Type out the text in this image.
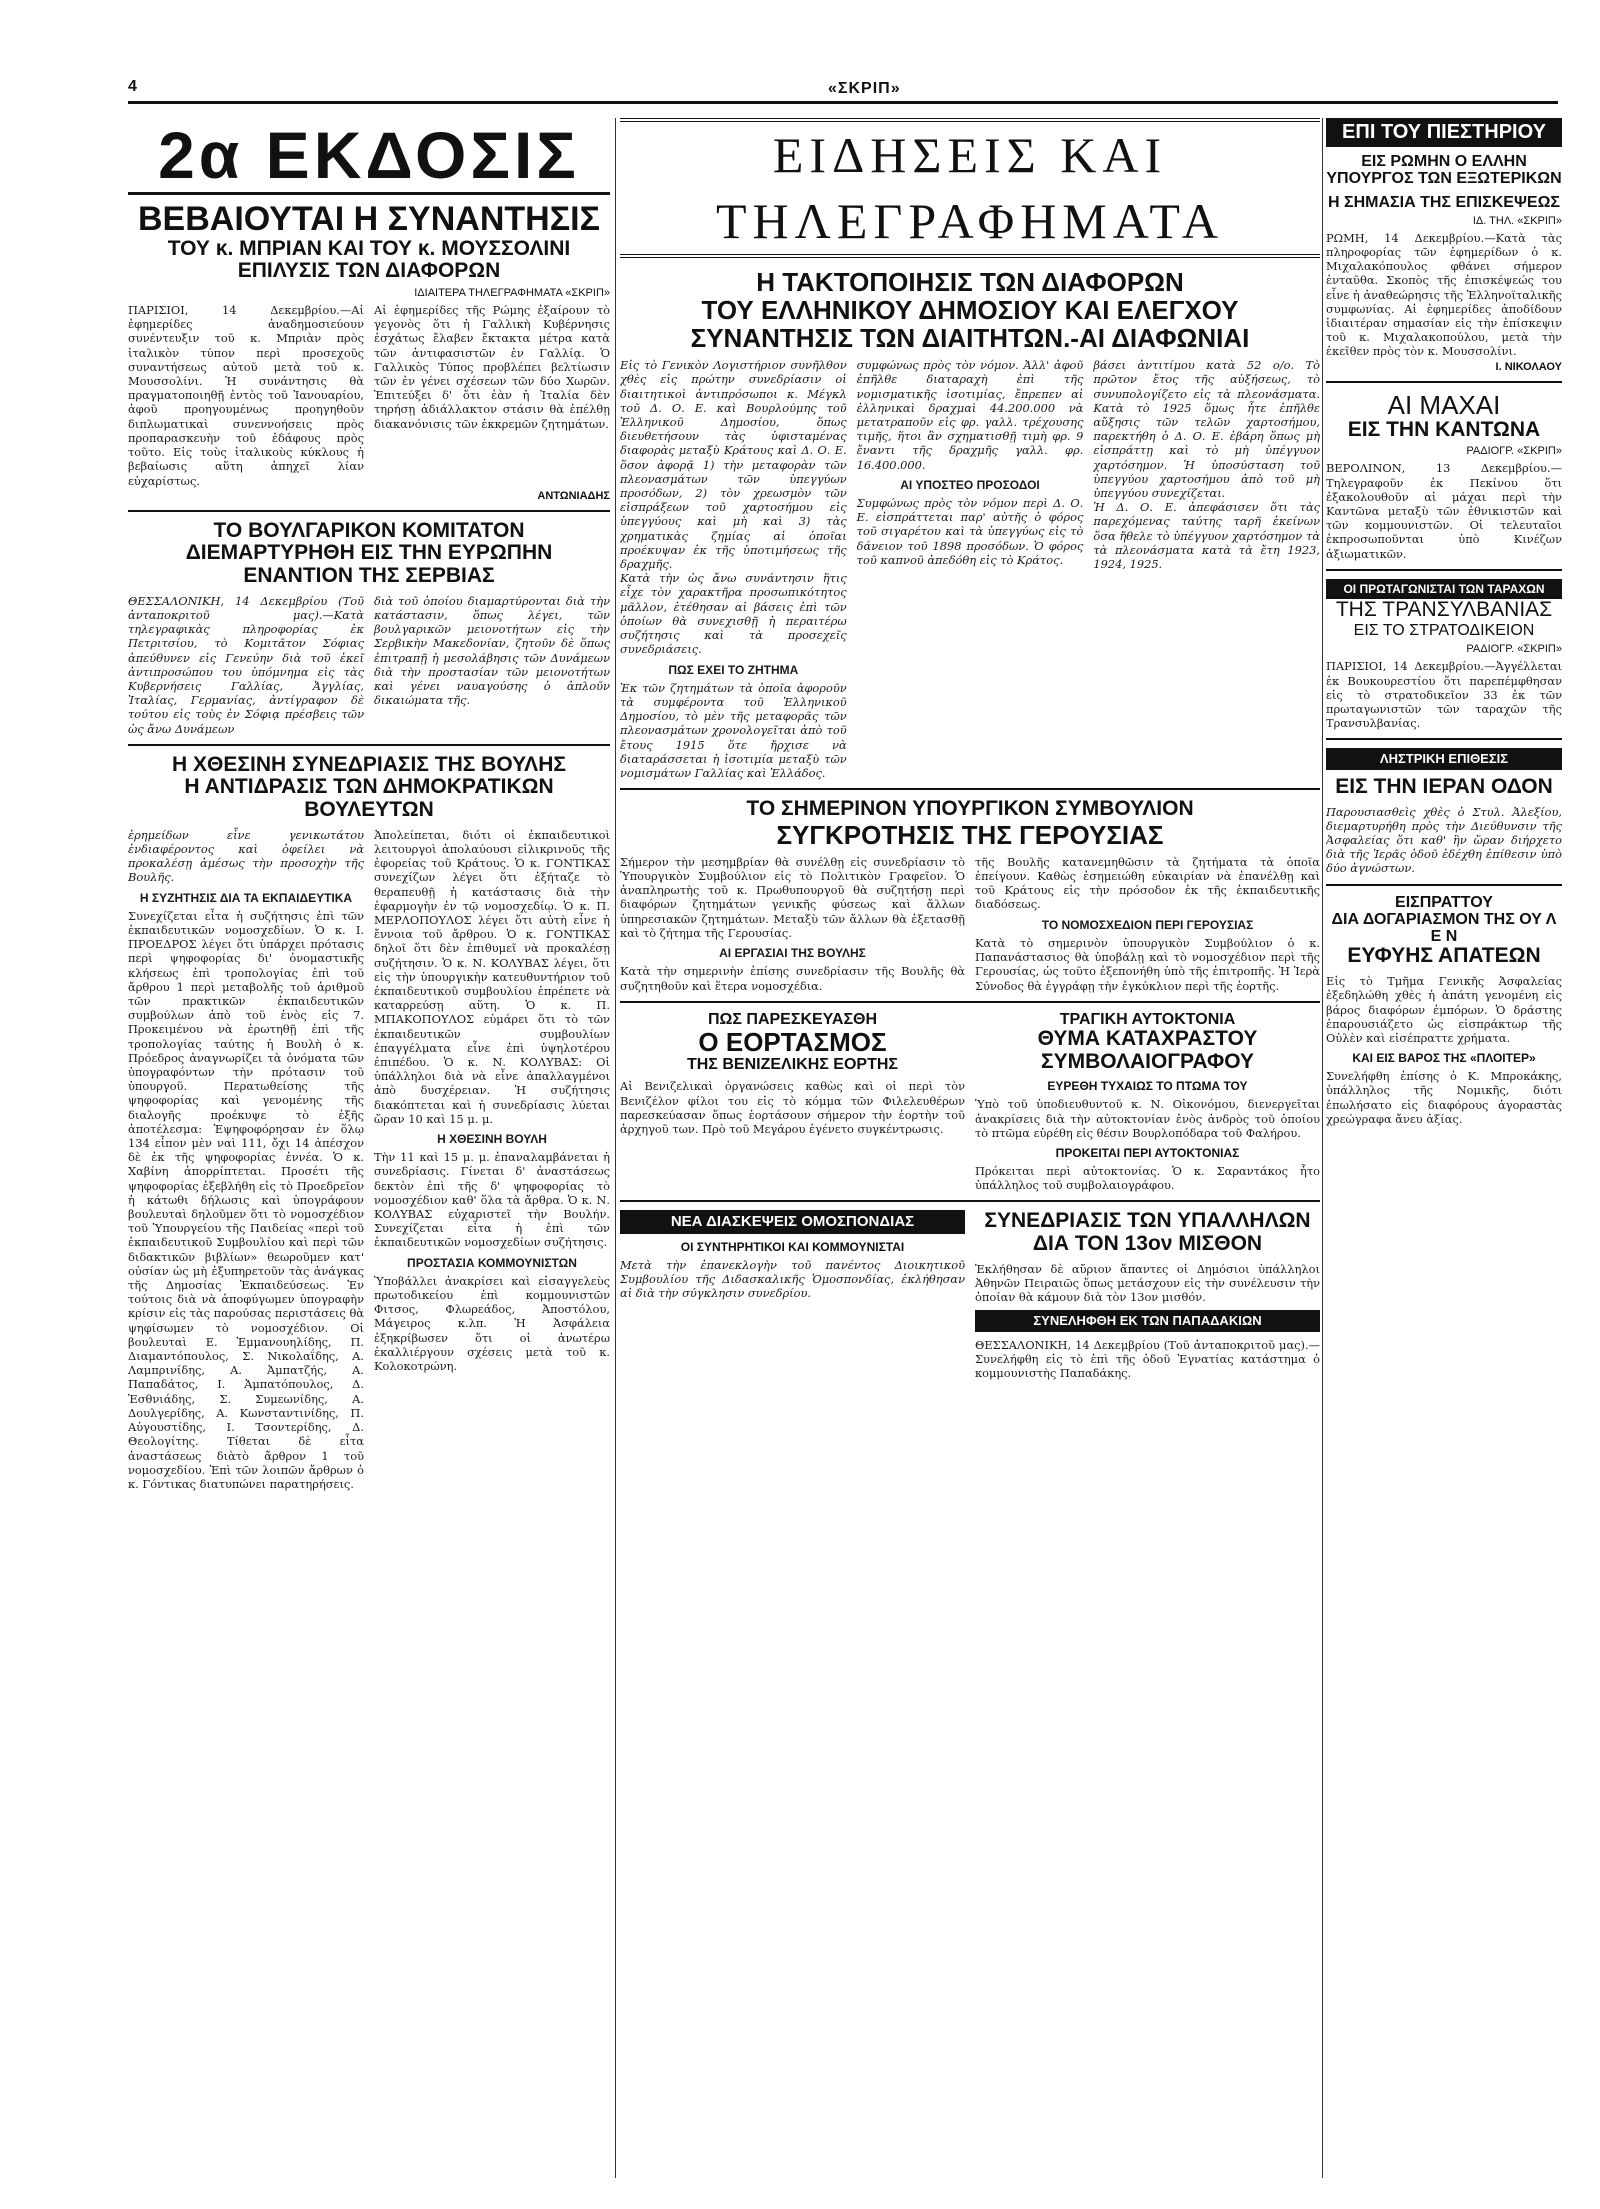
4	«ΣΚΡΙΠ»
2α ΕΚΔΟΣΙΣ
ΒΕΒΑΙΟΥΤΑΙ Η ΣΥΝΑΝΤΗΣΙΣ
ΤΟΥ κ. ΜΠΡΙΑΝ ΚΑΙ ΤΟΥ κ. ΜΟΥΣΣΟΛΙΝΙ
ΕΠΙΛΥΣΙΣ ΤΩΝ ΔΙΑΦΟΡΩΝ
ΙΔΙΑΙΤΕΡΑ ΤΗΛΕΓΡΑΦΗΜΑΤΑ «ΣΚΡΙΠ»
ΠΑΡΙΣΙΟΙ, 14 Δεκεμβρίου.—Αἱ ἐφημερίδες ἀναδημοσιεύουν συνέντευξιν τοῦ κ. Μπριὰν πρὸς ἰταλικὸν τύπον περὶ προσεχοῦς συναντήσεως αὐτοῦ μετὰ τοῦ κ. Μουσσολίνι. Ἡ συνάντησις θὰ πραγματοποιηθῇ ἐντὸς τοῦ Ἰανουαρίου, ἀφοῦ προηγουμένως προηγηθοῦν διπλωματικαὶ συνεννοήσεις πρὸς προπαρασκευὴν τοῦ ἐδάφους πρὸς τοῦτο. Εἰς τοὺς ἰταλικοὺς κύκλους ἡ βεβαίωσις αὕτη ἀπηχεῖ λίαν εὐχαρίστως.
Αἱ ἐφημερίδες τῆς Ρώμης ἐξαίρουν τὸ γεγονὸς ὅτι ἡ Γαλλικὴ Κυβέρνησις ἐσχάτως ἔλαβεν ἔκτακτα μέτρα κατὰ τῶν ἀντιφασιστῶν ἐν Γαλλίᾳ. Ὁ Γαλλικὸς Τύπος προβλέπει βελτίωσιν τῶν ἐν γένει σχέσεων τῶν δύο Χωρῶν. Ἐπιτεύξει δ' ὅτι ἐὰν ἡ Ἰταλία δὲν τηρήσῃ ἀδιάλλακτον στάσιν θὰ ἐπέλθῃ διακανόνισις τῶν ἐκκρεμῶν ζητημάτων.
ΑΝΤΩΝΙΑΔΗΣ
ΤΟ ΒΟΥΛΓΑΡΙΚΟΝ ΚΟΜΙΤΑΤΟΝ ΔΙΕΜΑΡΤΥΡΗΘΗ ΕΙΣ ΤΗΝ ΕΥΡΩΠΗΝ ΕΝΑΝΤΙΟΝ ΤΗΣ ΣΕΡΒΙΑΣ
ΘΕΣΣΑΛΟΝΙΚΗ, 14 Δεκεμβρίου (Τοῦ ἀνταποκριτοῦ μας).—Κατὰ τηλεγραφικὰς πληροφορίας ἐκ Πετριτσίου, τὸ Κομιτᾶτον Σόφιας ἀπεύθυνεν εἰς Γενεύην διὰ τοῦ ἐκεῖ ἀντιπροσώπου του ὑπόμνημα εἰς τὰς Κυβερνήσεις Γαλλίας, Ἀγγλίας, Ἰταλίας, Γερμανίας, ἀντίγραφον δὲ τούτου εἰς τοὺς ἐν Σόφιᾳ πρέσβεις τῶν ὡς ἄνω Δυνάμεων
διὰ τοῦ ὁποίου διαμαρτύρονται διὰ τὴν κατάστασιν, ὅπως λέγει, τῶν βουλγαρικῶν μειονοτήτων εἰς τὴν Σερβικὴν Μακεδονίαν, ζητοῦν δὲ ὅπως ἐπιτραπῇ ἡ μεσολάβησις τῶν Δυνάμεων διὰ τὴν προστασίαν τῶν μειονοτήτων καὶ γένει ναυαγούσης ὁ ἀπλοῦν δικαιώματα τῆς.
Η ΧΘΕΣΙΝΗ ΣΥΝΕΔΡΙΑΣΙΣ ΤΗΣ ΒΟΥΛΗΣ
Η ΑΝΤΙΔΡΑΣΙΣ ΤΩΝ ΔΗΜΟΚΡΑΤΙΚΩΝ ΒΟΥΛΕΥΤΩΝ
ἐρημείδων εἶνε γενικωτάτου ἐνδιαφέροντος καὶ ὀφείλει νὰ προκαλέσῃ ἀμέσως τὴν προσοχὴν τῆς Βουλῆς.
Η ΣΥΖΗΤΗΣΙΣ ΔΙΑ ΤΑ ΕΚΠΑΙΔΕΥΤΙΚΑ
Συνεχίζεται εἶτα ἡ συζήτησις ἐπὶ τῶν ἐκπαιδευτικῶν νομοσχεδίων. Ὁ κ. Ι. ΠΡΟΕΔΡΟΣ λέγει ὅτι ὑπάρχει πρότασις περὶ ψηφοφορίας δι' ὀνομαστικῆς κλήσεως ἐπὶ τροπολογίας ἐπὶ τοῦ ἄρθρου 1 περὶ μεταβολῆς τοῦ ἀριθμοῦ τῶν πρακτικῶν ἐκπαιδευτικῶν συμβούλων ἀπὸ τοῦ ἑνὸς εἰς 7. Προκειμένου νὰ ἐρωτηθῇ ἐπὶ τῆς τροπολογίας ταύτης ἡ Βουλὴ ὁ κ. Πρόεδρος ἀναγνωρίζει τὰ ὀνόματα τῶν ὑπογραφόντων τὴν πρότασιν τοῦ ὑπουργοῦ. Περατωθείσης τῆς ψηφοφορίας καὶ γενομένης τῆς διαλογῆς προέκυψε τὸ ἑξῆς ἀποτέλεσμα: Ἐψηφοφόρησαν ἐν ὅλῳ 134 εἶπον μὲν ναὶ 111, ὄχι 14 ἀπέσχον δὲ ἐκ τῆς ψηφοφορίας ἐννέα. Ὁ κ. Χαβίνη ἀπορρίπτεται. Προσέτι τῆς ψηφοφορίας ἐξεβλήθη εἰς τὸ Προεδρεῖον ἡ κάτωθι δήλωσις καὶ ὑπογράφουν βουλευταὶ δηλοῦμεν ὅτι τὸ νομοσχέδιον τοῦ Ὑπουργείου τῆς Παιδείας «περὶ τοῦ ἐκπαιδευτικοῦ Συμβουλίου καὶ περὶ τῶν διδακτικῶν βιβλίων» θεωροῦμεν κατ' οὐσίαν ὡς μὴ ἐξυπηρετοῦν τὰς ἀνάγκας τῆς Δημοσίας Ἐκπαιδεύσεως. Ἐν τούτοις διὰ νὰ ἀποφύγωμεν ὑπογραφὴν κρίσιν εἰς τὰς παρούσας περιστάσεις θὰ ψηφίσωμεν τὸ νομοσχέδιον. Οἱ βουλευταὶ Ε. Ἐμμανουηλίδης, Π. Διαμαντόπουλος, Σ. Νικολαΐδης, Α. Λαμπρινίδης, Α. Ἀμπατζής, Α. Παπαδάτος, Ι. Ἀμπατόπουλος, Δ. Ἐσθνιάδης, Σ. Συμεωνίδης, Α. Δουλγερίδης, Α. Κωνσταντινίδης, Π. Αὐγουστίδης, Ι. Τσοντερίδης, Δ. Θεολογίτης. Τίθεται δὲ εἶτα ἀναστάσεως διὰτὸ ἄρθρον 1 τοῦ νομοσχεδίου. Ἐπὶ τῶν λοιπῶν ἄρθρων ὁ κ. Γόντικας διατυπώνει παρατηρήσεις.
Ἀπολείπεται, διότι οἱ ἐκπαιδευτικοὶ λειτουργοὶ ἀπολαύουσι εἰλικρινοῦς τῆς ἐφορείας τοῦ Κράτους. Ὁ κ. ΓΟΝΤΙΚΑΣ συνεχίζων λέγει ὅτι ἐξήταζε τὸ θεραπευθῇ ἡ κατάστασις διὰ τὴν ἐφαρμογὴν ἐν τῷ νομοσχεδίῳ. Ὁ κ. Π. ΜΕΡΛΟΠΟΥΛΟΣ λέγει ὅτι αὐτὴ εἶνε ἡ ἔννοια τοῦ ἄρθρου. Ὁ κ. ΓΟΝΤΙΚΑΣ δηλοῖ ὅτι δὲν ἐπιθυμεῖ νὰ προκαλέσῃ συζήτησιν. Ὁ κ. Ν. ΚΟΛΥΒΑΣ λέγει, ὅτι εἰς τὴν ὑπουργικὴν κατευθυντήριον τοῦ ἐκπαιδευτικοῦ συμβουλίου ἐπρέπετε νὰ καταρρεύσῃ αὕτη. Ὁ κ. Π. ΜΠΑΚΟΠΟΥΛΟΣ εὐμάρει ὅτι τὸ τῶν ἐκπαιδευτικῶν συμβουλίων ἐπαγγέλματα εἶνε ἐπὶ ὑψηλοτέρου ἐπιπέδου. Ὁ κ. Ν. ΚΟΛΥΒΑΣ: Οἱ ὑπάλληλοι διὰ νὰ εἶνε ἀπαλλαγμένοι ἀπὸ δυσχέρειαν. Ἡ συζήτησις διακόπτεται καὶ ἡ συνεδρίασις λύεται ὥραν 10 καὶ 15 μ. μ.
Η ΧΘΕΣΙΝΗ ΒΟΥΛΗ
Τὴν 11 καὶ 15 μ. μ. ἐπαναλαμβάνεται ἡ συνεδρίασις. Γίνεται δ' ἀναστάσεως δεκτὸν ἐπὶ τῆς δ' ψηφοφορίας τὸ νομοσχέδιον καθ' ὅλα τὰ ἄρθρα. Ὁ κ. Ν. ΚΟΛΥΒΑΣ εὐχαριστεῖ τὴν Βουλήν. Συνεχίζεται εἶτα ἡ ἐπὶ τῶν ἐκπαιδευτικῶν νομοσχεδίων συζήτησις.
ΠΡΟΣΤΑΣΙΑ ΚΟΜΜΟΥΝΙΣΤΩΝ
Ὑποβάλλει ἀνακρίσει καὶ εἰσαγγελεὺς πρωτοδικείου ἐπὶ κομμουνιστῶν Φιτσος, Φλωρεάδος, Ἀποστόλου, Μάγειρος κ.λπ. Ἡ Ἀσφάλεια ἐξηκρίβωσεν ὅτι οἱ ἀνωτέρω ἐκαλλιέργουν σχέσεις μετὰ τοῦ κ. Κολοκοτρώνη.
ΕΙΔΗΣΕΙΣ ΚΑΙ ΤΗΛΕΓΡΑΦΗΜΑΤΑ
Η ΤΑΚΤΟΠΟΙΗΣΙΣ ΤΩΝ ΔΙΑΦΟΡΩΝ
ΤΟΥ ΕΛΛΗΝΙΚΟΥ ΔΗΜΟΣΙΟΥ ΚΑΙ ΕΛΕΓΧΟΥ
ΣΥΝΑΝΤΗΣΙΣ ΤΩΝ ΔΙΑΙΤΗΤΩΝ.-ΑΙ ΔΙΑΦΩΝΙΑΙ
Εἰς τὸ Γενικὸν Λογιστήριον συνῆλθον χθὲς εἰς πρώτην συνεδρίασιν οἱ διαιτητικοὶ ἀντιπρόσωποι κ. Μέγκλ τοῦ Δ. Ο. Ε. καὶ Βουρλούμης τοῦ Ἑλληνικοῦ Δημοσίου, ὅπως διευθετήσουν τὰς ὑφισταμένας διαφορὰς μεταξὺ Κράτους καὶ Δ. Ο. Ε. ὅσον ἀφορᾷ 1) τὴν μεταφορὰν τῶν πλεονασμάτων τῶν ὑπεγγύων προσόδων, 2) τὸν χρεωσμὸν τῶν εἰσπράξεων τοῦ χαρτοσήμου εἰς ὑπεγγύους καὶ μὴ καὶ 3) τὰς χρηματικὰς ζημίας αἱ ὁποῖαι προέκυψαν ἐκ τῆς ὑποτιμήσεως τῆς δραχμῆς.
Κατὰ τὴν ὡς ἄνω συνάντησιν ἥτις εἶχε τὸν χαρακτῆρα προσωπικότητος μᾶλλον, ἐτέθησαν αἱ βάσεις ἐπὶ τῶν ὁποίων θὰ συνεχισθῇ ἡ περαιτέρω συζήτησις καὶ τὰ προσεχεῖς συνεδριάσεις.
ΠΩΣ ΕΧΕΙ ΤΟ ΖΗΤΗΜΑ
Ἐκ τῶν ζητημάτων τὰ ὁποῖα ἀφοροῦν τὰ συμφέροντα τοῦ Ἑλληνικοῦ Δημοσίου, τὸ μὲν τῆς μεταφορᾶς τῶν πλεονασμάτων χρονολογεῖται ἀπὸ τοῦ ἔτους 1915 ὅτε ἤρχισε νὰ διαταράσσεται ἡ ἰσοτιμία μεταξὺ τῶν νομισμάτων Γαλλίας καὶ Ἑλλάδος.
συμφώνως πρὸς τὸν νόμον. Ἀλλ' ἀφοῦ ἐπῆλθε διαταραχὴ ἐπὶ τῆς νομισματικῆς ἰσοτιμίας, ἔπρεπεν αἱ ἐλληνικαὶ δραχμαὶ 44.200.000 νὰ μετατραποῦν εἰς φρ. γαλλ. τρέχουσης τιμῆς, ἥτοι ἂν σχηματισθῇ τιμὴ φρ. 9 ἔναντι τῆς δραχμῆς γαλλ. φρ. 16.400.000.
ΑΙ ΥΠΟΣΤΕΟ ΠΡΟΣΟΔΟΙ
Συμφώνως πρὸς τὸν νόμον περὶ Δ. Ο. Ε. εἰσπράττεται παρ' αὐτῆς ὁ φόρος τοῦ σιγαρέτου καὶ τὰ ὑπεγγύως εἰς τὸ δάνειον τοῦ 1898 προσόδων. Ὁ φόρος τοῦ καπνοῦ ἀπεδόθη εἰς τὸ Κράτος.
βάσει ἀντιτίμου κατὰ 52 ο/ο. Τὸ πρῶτον ἔτος τῆς αὐξήσεως, τὸ συνυπολογίζετο εἰς τὰ πλεονάσματα. Κατὰ τὸ 1925 ὅμως ἦτε ἐπῆλθε αὔξησις τῶν τελῶν χαρτοσήμου, παρεκτήθη ὁ Δ. Ο. Ε. ἐβάρη ὅπως μὴ εἰσπράττῃ καὶ τὸ μὴ ὑπέγγυον χαρτόσημον. Ἡ ὑποσύσταση τοῦ ὑπεγγύου χαρτοσήμου ἀπὸ τοῦ μὴ ὑπεγγύου συνεχίζεται.
Ἡ Δ. Ο. Ε. ἀπεφάσισεν ὅτι τὰς παρεχόμενας ταύτης ταρῆ ἐκείνων ὅσα ἤθελε τὸ ὑπέγγυον χαρτόσημον τὰ τὰ πλεονάσματα κατὰ τὰ ἔτη 1923, 1924, 1925.
ΤΟ ΣΗΜΕΡΙΝΟΝ ΥΠΟΥΡΓΙΚΟΝ ΣΥΜΒΟΥΛΙΟΝ
ΣΥΓΚΡΟΤΗΣΙΣ ΤΗΣ ΓΕΡΟΥΣΙΑΣ
Σήμερον τὴν μεσημβρίαν θὰ συνέλθῃ εἰς συνεδρίασιν τὸ Ὑπουργικὸν Συμβούλιον εἰς τὸ Πολιτικὸν Γραφεῖον. Ὁ ἀναπληρωτὴς τοῦ κ. Πρωθυπουργοῦ θὰ συζητήσῃ περὶ διαφόρων ζητημάτων γενικῆς φύσεως καὶ ἄλλων ὑπηρεσιακῶν ζητημάτων. Μεταξὺ τῶν ἄλλων θὰ ἐξετασθῇ καὶ τὸ ζήτημα τῆς Γερουσίας.
ΑΙ ΕΡΓΑΣΙΑΙ ΤΗΣ ΒΟΥΛΗΣ
Κατὰ τὴν σημερινὴν ἐπίσης συνεδρίασιν τῆς Βουλῆς θὰ συζητηθοῦν καὶ ἕτερα νομοσχέδια.
τῆς Βουλῆς κατανεμηθῶσιν τὰ ζητήματα τὰ ὁποῖα ἐπείγουν. Καθὼς ἐσημειώθη εὐκαιρίαν νὰ ἐπανέλθῃ καὶ τοῦ Κράτους εἰς τὴν πρόσοδον ἐκ τῆς ἐκπαιδευτικῆς διαδόσεως.
ΤΟ ΝΟΜΟΣΧΕΔΙΟΝ ΠΕΡΙ ΓΕΡΟΥΣΙΑΣ
Κατὰ τὸ σημερινὸν ὑπουργικὸν Συμβούλιον ὁ κ. Παπανάστασιος θὰ ὑποβάλῃ καὶ τὸ νομοσχέδιον περὶ τῆς Γερουσίας, ὡς τοῦτο ἐξεπονήθη ὑπὸ τῆς ἐπιτροπῆς. Ἡ Ἱερὰ Σύνοδος θὰ ἐγγράφῃ τὴν ἐγκύκλιον περὶ τῆς ἑορτῆς.
ΠΩΣ ΠΑΡΕΣΚΕΥΑΣΘΗ
Ο ΕΟΡΤΑΣΜΟΣ
ΤΗΣ ΒΕΝΙΖΕΛΙΚΗΣ ΕΟΡΤΗΣ
Αἱ Βενιζελικαὶ ὀργανώσεις καθὼς καὶ οἱ περὶ τὸν Βενιζέλον φίλοι του εἰς τὸ κόμμα τῶν Φιλελευθέρων παρεσκεύασαν ὅπως ἑορτάσουν σήμερον τὴν ἑορτὴν τοῦ ἀρχηγοῦ των. Πρὸ τοῦ Μεγάρου ἐγένετο συγκέντρωσις.
ΤΡΑΓΙΚΗ ΑΥΤΟΚΤΟΝΙΑ
ΘΥΜΑ ΚΑΤΑΧΡΑΣΤΟΥ
ΣΥΜΒΟΛΑΙΟΓΡΑΦΟΥ
ΕΥΡΕΘΗ ΤΥΧΑΙΩΣ ΤΟ ΠΤΩΜΑ ΤΟΥ
Ὑπὸ τοῦ ὑποδιευθυντοῦ κ. Ν. Οἰκονόμου, διενεργεῖται ἀνακρίσεις διὰ τὴν αὐτοκτονίαν ἐνὸς ἀνδρὸς τοῦ ὁποίου τὸ πτῶμα εὑρέθη εἰς θέσιν Βουρλοπόδαρα τοῦ Φαλήρου.
ΠΡΟΚΕΙΤΑΙ ΠΕΡΙ ΑΥΤΟΚΤΟΝΙΑΣ
Πρόκειται περὶ αὐτοκτονίας. Ὁ κ. Σαραντάκος ἦτο ὑπάλληλος τοῦ συμβολαιογράφου.
ΝΕΑ ΔΙΑΣΚΕΨΕΙΣ ΟΜΟΣΠΟΝΔΙΑΣ
ΟΙ ΣΥΝΤΗΡΗΤΙΚΟΙ ΚΑΙ ΚΟΜΜΟΥΝΙΣΤΑΙ
Μετὰ τὴν ἐπανεκλογὴν τοῦ πανέντος Διοικητικοῦ Συμβουλίου τῆς Διδασκαλικῆς Ὁμοσπονδίας, ἐκλήθησαν αἱ διὰ τὴν σύγκλησιν συνεδρίου.
ΣΥΝΕΔΡΙΑΣΙΣ ΤΩΝ ΥΠΑΛΛΗΛΩΝ
ΔΙΑ ΤΟΝ 13ον ΜΙΣΘΟΝ
Ἐκλήθησαν δὲ αὔριον ἅπαντες οἱ Δημόσιοι ὑπάλληλοι Ἀθηνῶν Πειραιῶς ὅπως μετάσχουν εἰς τὴν συνέλευσιν τὴν ὁποίαν θὰ κάμουν διὰ τὸν 13ον μισθόν.
ΣΥΝΕΛΗΦΘΗ ΕΚ ΤΩΝ ΠΑΠΑΔΑΚΙΩΝ
ΘΕΣΣΑΛΟΝΙΚΗ, 14 Δεκεμβρίου (Τοῦ ἀνταποκριτοῦ μας).—Συνελήφθη εἰς τὸ ἐπὶ τῆς ὁδοῦ Ἐγνατίας κατάστημα ὁ κομμουνιστὴς Παπαδάκης.
ΕΠΙ ΤΟΥ ΠΙΕΣΤΗΡΙΟΥ
ΕΙΣ ΡΩΜΗΝ Ο ΕΛΛΗΝ ΥΠΟΥΡΓΟΣ ΤΩΝ ΕΞΩΤΕΡΙΚΩΝ
Η ΣΗΜΑΣΙΑ ΤΗΣ ΕΠΙΣΚΕΨΕΩΣ
ΙΔ. ΤΗΛ. «ΣΚΡΙΠ»
ΡΩΜΗ, 14 Δεκεμβρίου.—Κατὰ τὰς πληροφορίας τῶν ἐφημερίδων ὁ κ. Μιχαλακόπουλος φθάνει σήμερον ἐνταῦθα. Σκοπὸς τῆς ἐπισκέψεώς του εἶνε ἡ ἀναθεώρησις τῆς Ἑλληνοϊταλικῆς συμφωνίας. Αἱ ἐφημερίδες ἀποδίδουν ἰδιαιτέραν σημασίαν εἰς τὴν ἐπίσκεψιν τοῦ κ. Μιχαλακοπούλου, μετὰ τὴν ἐκεῖθεν πρὸς τὸν κ. Μουσσολίνι.
I. ΝΙΚΟΛΑΟΥ
ΑΙ ΜΑΧΑΙ
ΕΙΣ ΤΗΝ ΚΑΝΤΩΝΑ
ΡΑΔΙΟΓΡ. «ΣΚΡΙΠ»
ΒΕΡΟΛΙΝΟΝ, 13 Δεκεμβρίου.—Τηλεγραφοῦν ἐκ Πεκίνου ὅτι ἐξακολουθοῦν αἱ μάχαι περὶ τὴν Καντῶνα μεταξὺ τῶν ἐθνικιστῶν καὶ τῶν κομμουνιστῶν. Οἱ τελευταῖοι ἐκπροσωποῦνται ὑπὸ Κινέζων ἀξιωματικῶν.
ΟΙ ΠΡΩΤΑΓΩΝΙΣΤΑΙ ΤΩΝ ΤΑΡΑΧΩΝ
ΤΗΣ ΤΡΑΝΣΥΛΒΑΝΙΑΣ
ΕΙΣ ΤΟ ΣΤΡΑΤΟΔΙΚΕΙΟΝ
ΡΑΔΙΟΓΡ. «ΣΚΡΙΠ»
ΠΑΡΙΣΙΟΙ, 14 Δεκεμβρίου.—Ἀγγέλλεται ἐκ Βουκουρεστίου ὅτι παρεπέμφθησαν εἰς τὸ στρατοδικεῖον 33 ἐκ τῶν πρωταγωνιστῶν τῶν ταραχῶν τῆς Τρανσυλβανίας.
ΛΗΣΤΡΙΚΗ ΕΠΙΘΕΣΙΣ
ΕΙΣ ΤΗΝ ΙΕΡΑΝ ΟΔΟΝ
Παρουσιασθεὶς χθὲς ὁ Στυλ. Ἀλεξίου, διεμαρτυρήθη πρὸς τὴν Διεύθυνσιν τῆς Ἀσφαλείας ὅτι καθ' ἣν ὥραν διήρχετο διὰ τῆς Ἱερᾶς ὁδοῦ ἐδέχθη ἐπίθεσιν ὑπὸ δύο ἀγνώστων.
ΕΙΣΠΡΑΤΤΟΥ
ΔΙΑ ΔΟΓΑΡΙΑΣΜΟΝ ΤΗΣ ΟΥ Λ Ε Ν
ΕΥΦΥΗΣ ΑΠΑΤΕΩΝ
Εἰς τὸ Τμῆμα Γενικῆς Ἀσφαλείας ἐξεδηλώθη χθὲς ἡ ἀπάτη γενομένη εἰς βάρος διαφόρων ἐμπόρων. Ὁ δράστης ἐπαρουσιάζετο ὡς εἰσπράκτωρ τῆς Οὐλὲν καὶ εἰσέπραττε χρήματα.
ΚΑΙ ΕΙΣ ΒΑΡΟΣ ΤΗΣ «ΠΛΟΙΤΕΡ»
Συνελήφθη ἐπίσης ὁ Κ. Μπροκάκης, ὑπάλληλος τῆς Νομικῆς, διότι ἐπωλήσατο εἰς διαφόρους ἀγοραστὰς χρεώγραφα ἄνευ ἀξίας.
